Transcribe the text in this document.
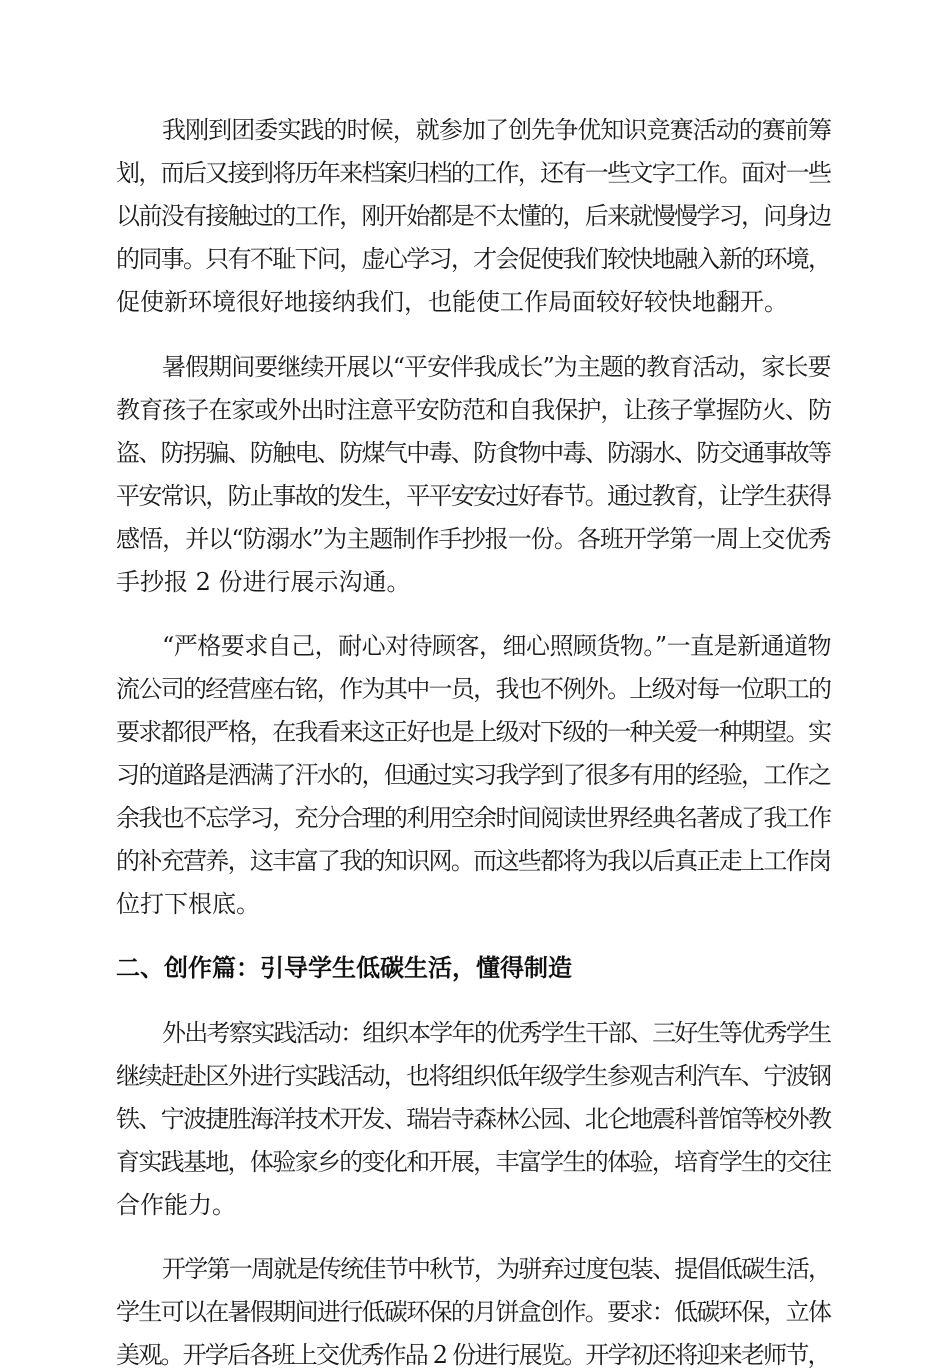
我刚到团委实践的时候，就参加了创先争优知识竞赛活动的赛前筹
划，而后又接到将历年来档案归档的工作，还有一些文字工作。面对一些
以前没有接触过的工作，刚开始都是不太懂的，后来就慢慢学习，问身边
的同事。只有不耻下问，虚心学习，才会促使我们较快地融入新的环境，
促使新环境很好地接纳我们，也能使工作局面较好较快地翻开。
暑假期间要继续开展以“平安伴我成长”为主题的教育活动，家长要
教育孩子在家或外出时注意平安防范和自我保护，让孩子掌握防火、防
盗、防拐骗、防触电、防煤气中毒、防食物中毒、防溺水、防交通事故等
平安常识，防止事故的发生，平平安安过好春节。通过教育，让学生获得
感悟，并以“防溺水”为主题制作手抄报一份。各班开学第一周上交优秀
手抄报 2 份进行展示沟通。
“严格要求自己，耐心对待顾客，细心照顾货物。”一直是新通道物
流公司的经营座右铭，作为其中一员，我也不例外。上级对每一位职工的
要求都很严格，在我看来这正好也是上级对下级的一种关爱一种期望。实
习的道路是洒满了汗水的，但通过实习我学到了很多有用的经验，工作之
余我也不忘学习，充分合理的利用空余时间阅读世界经典名著成了我工作
的补充营养，这丰富了我的知识网。而这些都将为我以后真正走上工作岗
位打下根底。
二、创作篇：引导学生低碳生活，懂得制造
外出考察实践活动：组织本学年的优秀学生干部、三好生等优秀学生
继续赶赴区外进行实践活动，也将组织低年级学生参观吉利汽车、宁波钢
铁、宁波捷胜海洋技术开发、瑞岩寺森林公园、北仑地震科普馆等校外教
育实践基地，体验家乡的变化和开展，丰富学生的体验，培育学生的交往
合作能力。
开学第一周就是传统佳节中秋节，为骈弃过度包装、提倡低碳生活，
学生可以在暑假期间进行低碳环保的月饼盒创作。要求：低碳环保，立体
美观。开学后各班上交优秀作品 2 份进行展览。开学初还将迎来老师节，
